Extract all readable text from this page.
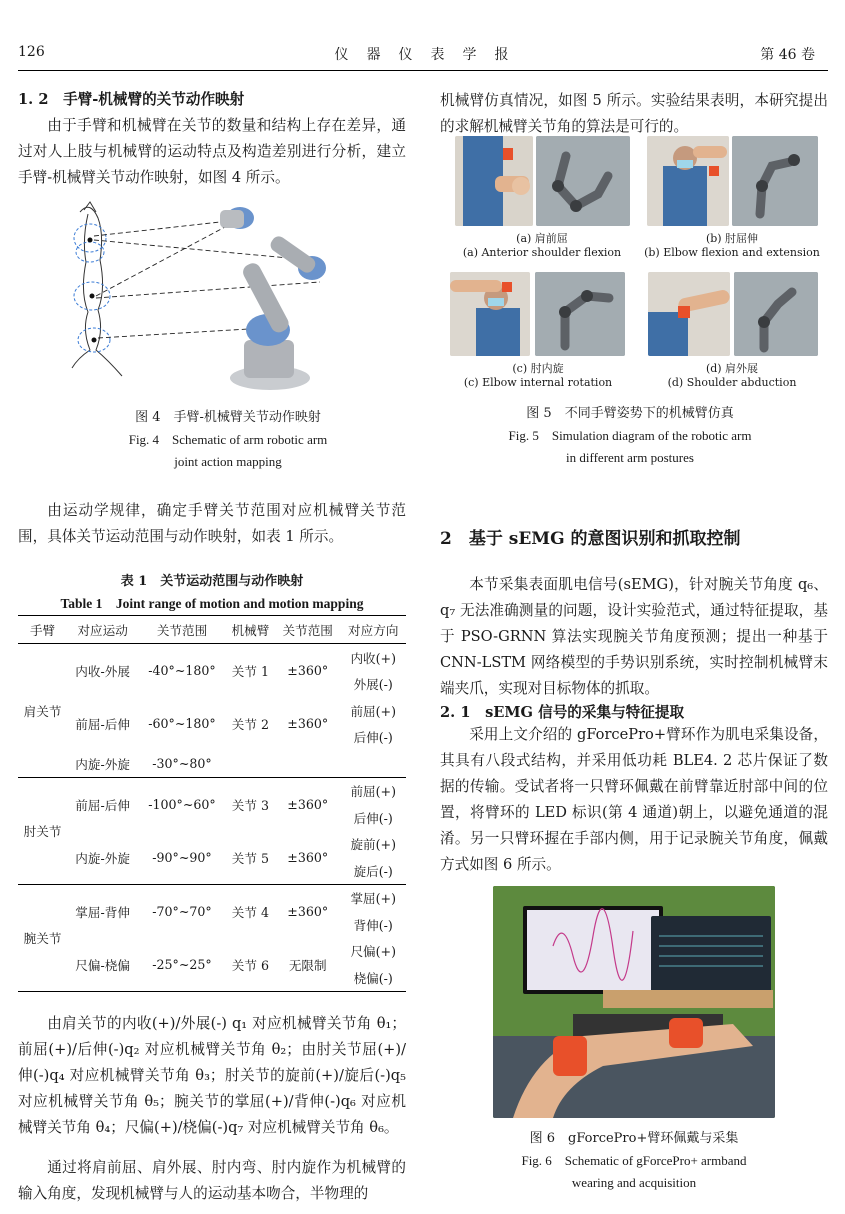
126	仪　器　仪　表　学　报	第 46 卷
1. 2　手臂-机械臂的关节动作映射

由于手臂和机械臂在关节的数量和结构上存在差异，通过对人上肢与机械臂的运动特点及构造差别进行分析，建立手臂-机械臂关节动作映射，如图 4 所示。

图 4　手臂-机械臂关节动作映射
Fig. 4　Schematic of arm robotic arm
joint action mapping

由运动学规律，确定手臂关节范围对应机械臂关节范围，具体关节运动范围与动作映射，如表 1 所示。

表 1　关节运动范围与动作映射
Table 1　Joint range of motion and motion mapping
手臂	对应运动	关节范围	机械臂	关节范围	对应方向
肩关节	内收-外展	-40°~180°	关节 1	±360°	内收(+)
					外展(-)
	前屈-后伸	-60°~180°	关节 2	±360°	前屈(+)
					后伸(-)
	内旋-外旋	-30°~80°			
肘关节	前屈-后伸	-100°~60°	关节 3	±360°	前屈(+)
					后伸(-)
	内旋-外旋	-90°~90°	关节 5	±360°	旋前(+)
					旋后(-)
腕关节	掌屈-背伸	-70°~70°	关节 4	±360°	掌屈(+)
					背伸(-)
	尺偏-桡偏	-25°~25°	关节 6	无限制	尺偏(+)
					桡偏(-)

由肩关节的内收(+)/外展(-) q₁ 对应机械臂关节角 θ₁；前屈(+)/后伸(-)q₂ 对应机械臂关节角 θ₂；由肘关节屈(+)/伸(-)q₄ 对应机械臂关节角 θ₃；肘关节的旋前(+)/旋后(-)q₅ 对应机械臂关节角 θ₅；腕关节的掌屈(+)/背伸(-)q₆ 对应机械臂关节角 θ₄；尺偏(+)/桡偏(-)q₇ 对应机械臂关节角 θ₆。

通过将肩前屈、肩外展、肘内弯、肘内旋作为机械臂的输入角度，发现机械臂与人的运动基本吻合，半物理的

机械臂仿真情况，如图 5 所示。实验结果表明，本研究提出的求解机械臂关节角的算法是可行的。

(a) 肩前屈
(a) Anterior shoulder flexion
(b) 肘屈伸
(b) Elbow flexion and extension
(c) 肘内旋
(c) Elbow internal rotation
(d) 肩外展
(d) Shoulder abduction
图 5　不同手臂姿势下的机械臂仿真
Fig. 5　Simulation diagram of the robotic arm
in different arm postures
2　基于 sEMG 的意图识别和抓取控制

本节采集表面肌电信号(sEMG)，针对腕关节角度 q₆、q₇ 无法准确测量的问题，设计实验范式，通过特征提取，基于 PSO-GRNN 算法实现腕关节角度预测；提出一种基于 CNN-LSTM 网络模型的手势识别系统，实时控制机械臂末端夹爪，实现对目标物体的抓取。

2. 1　sEMG 信号的采集与特征提取

采用上文介绍的 gForcePro+臂环作为肌电采集设备，其具有八段式结构，并采用低功耗 BLE4. 2 芯片保证了数据的传输。受试者将一只臂环佩戴在前臂靠近肘部中间的位置，将臂环的 LED 标识(第 4 通道)朝上，以避免通道的混淆。另一只臂环握在手部内侧，用于记录腕关节角度，佩戴方式如图 6 所示。

图 6　gForcePro+臂环佩戴与采集
Fig. 6　Schematic of gForcePro+ armband
wearing and acquisition
